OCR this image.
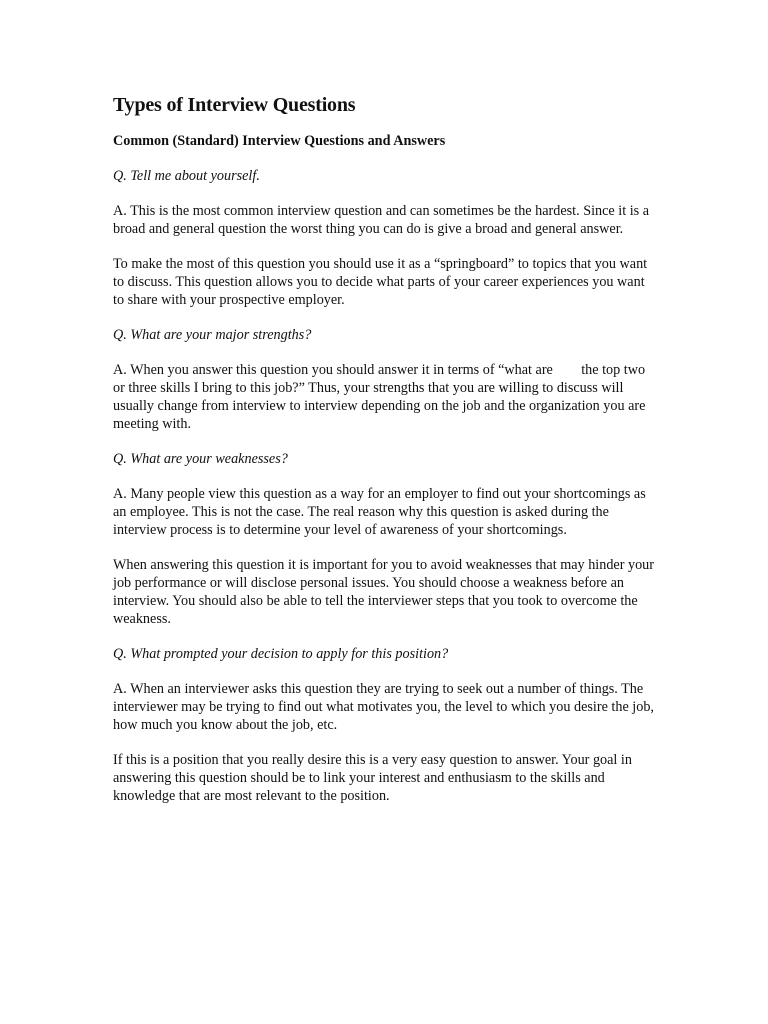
Types of Interview Questions
Common (Standard) Interview Questions and Answers
Q. Tell me about yourself.
A. This is the most common interview question and can sometimes be the hardest. Since it is a broad and general question the worst thing you can do is give a broad and general answer.
To make the most of this question you should use it as a “springboard” to topics that you want to discuss. This question allows you to decide what parts of your career experiences you want to share with your prospective employer.
Q. What are your major strengths?
A. When you answer this question you should answer it in terms of “what are        the top two or three skills I bring to this job?” Thus, your strengths that you are willing to discuss will usually change from interview to interview depending on the job and the organization you are meeting with.
Q. What are your weaknesses?
A. Many people view this question as a way for an employer to find out your shortcomings as an employee. This is not the case. The real reason why this question is asked during the interview process is to determine your level of awareness of your shortcomings.
When answering this question it is important for you to avoid weaknesses that may hinder your job performance or will disclose personal issues. You should choose a weakness before an interview. You should also be able to tell the interviewer steps that you took to overcome the weakness.
Q. What prompted your decision to apply for this position?
A. When an interviewer asks this question they are trying to seek out a number of things. The interviewer may be trying to find out what motivates you, the level to which you desire the job, how much you know about the job, etc.
If this is a position that you really desire this is a very easy question to answer. Your goal in answering this question should be to link your interest and enthusiasm to the skills and knowledge that are most relevant to the position.
